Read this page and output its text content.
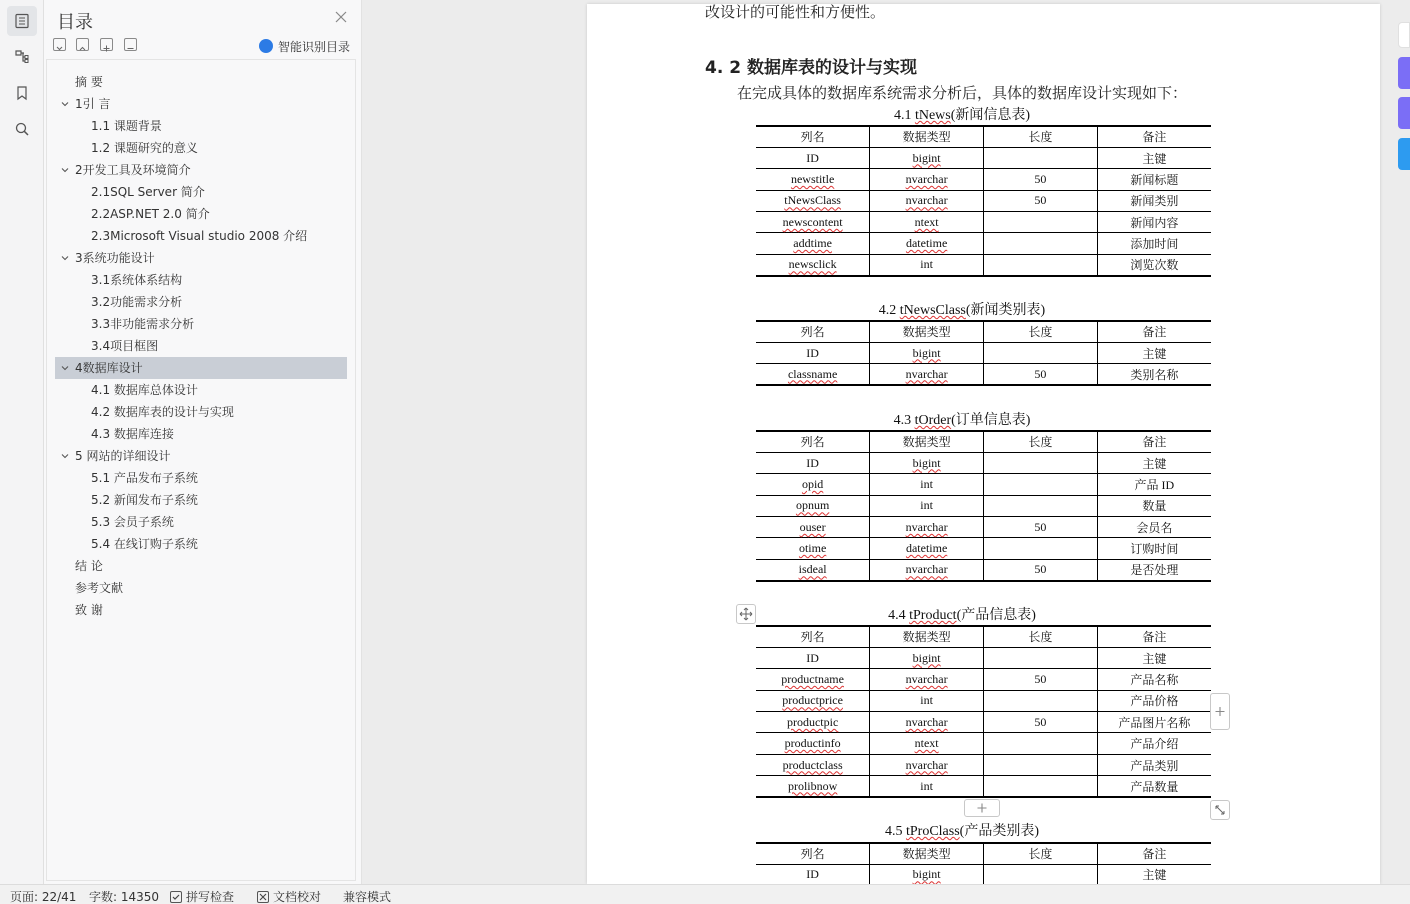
目录
智能识别目录
摘 要
1引 言
1.1 课题背景
1.2 课题研究的意义
2开发工具及环境简介
2.1SQL Server 简介
2.2ASP.NET 2.0 简介
2.3Microsoft Visual studio 2008 介绍
3系统功能设计
3.1系统体系结构
3.2功能需求分析
3.3非功能需求分析
3.4项目框图
4数据库设计
4.1 数据库总体设计
4.2 数据库表的设计与实现
4.3 数据库连接
5 网站的详细设计
5.1 产品发布子系统
5.2 新闻发布子系统
5.3 会员子系统
5.4 在线订购子系统
结 论
参考文献
致 谢
改设计的可能性和方便性。
4. 2 数据库表的设计与实现
在完成具体的数据库系统需求分析后，具体的数据库设计实现如下：
4.1 tNews(新闻信息表)
列名	数据类型	长度	备注
ID	bigint		主键
newstitle	nvarchar	50	新闻标题
tNewsClass	nvarchar	50	新闻类别
newscontent	ntext		新闻内容
addtime	datetime		添加时间
newsclick	int		浏览次数
4.2 tNewsClass(新闻类别表)
列名	数据类型	长度	备注
ID	bigint		主键
classname	nvarchar	50	类别名称
4.3 tOrder(订单信息表)
列名	数据类型	长度	备注
ID	bigint		主键
opid	int		产品 ID
opnum	int		数量
ouser	nvarchar	50	会员名
otime	datetime		订购时间
isdeal	nvarchar	50	是否处理
4.4 tProduct(产品信息表)
列名	数据类型	长度	备注
ID	bigint		主键
productname	nvarchar	50	产品名称
productprice	int		产品价格
productpic	nvarchar	50	产品图片名称
productinfo	ntext		产品介绍
productclass	nvarchar		产品类别
prolibnow	int		产品数量
4.5 tProClass(产品类别表)
列名	数据类型	长度	备注
ID	bigint		主键
页面: 22/41 字数: 14350 拼写检查	文档校对 兼容模式
